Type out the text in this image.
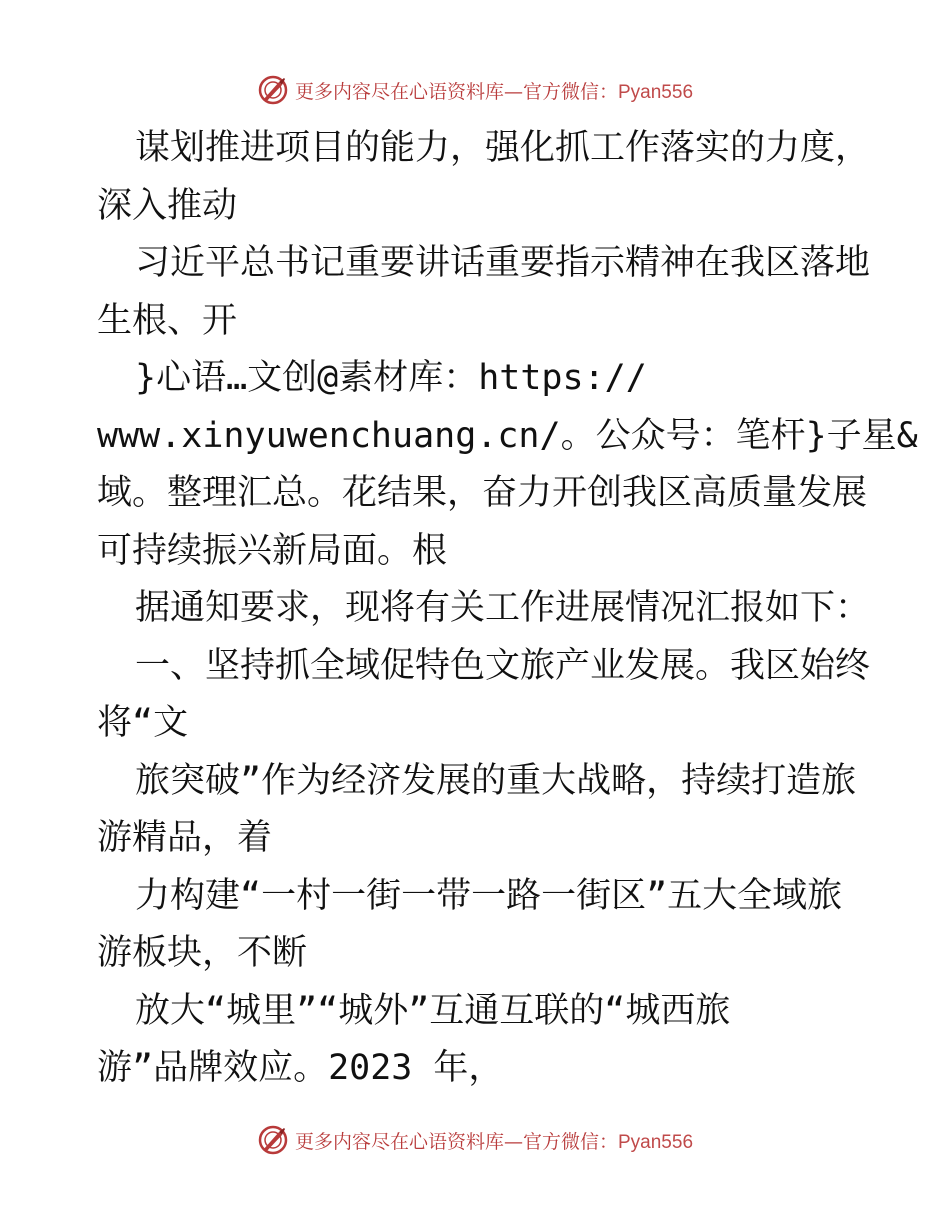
更多内容尽在心语资料库—官方微信：Pyan556
谋划推进项目的能力，强化抓工作落实的力度，
深入推动
习近平总书记重要讲话重要指示精神在我区落地
生根、开
}心语…文创@素材库：https://
www.xinyuwenchuang.cn/。公众号：笔杆}子星&
域。整理汇总。花结果，奋力开创我区高质量发展
可持续振兴新局面。根
据通知要求，现将有关工作进展情况汇报如下：
一、坚持抓全域促特色文旅产业发展。我区始终
将“文
旅突破”作为经济发展的重大战略，持续打造旅
游精品，着
力构建“一村一街一带一路一街区”五大全域旅
游板块，不断
放大“城里”“城外”互通互联的“城西旅
游”品牌效应。2023 年，
更多内容尽在心语资料库—官方微信：Pyan556
